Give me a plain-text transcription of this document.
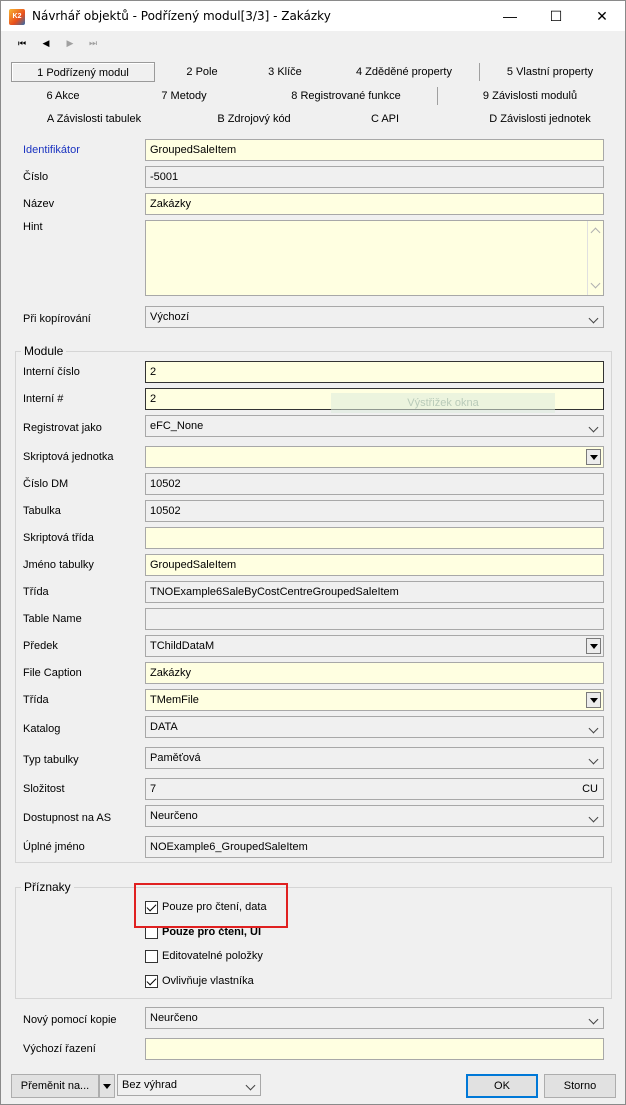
K2 Návrhář objektů - Podřízený modul[3/3] - Zakázky	—	☐	✕
⏮	◀	▶	⏭
1 Podřízený modul	2 Pole	3 Klíče	4 Zděděné property	5 Vlastní property
6 Akce	7 Metody	8 Registrované funkce	9 Závislosti modulů
A Závislosti tabulek	B Zdrojový kód	C API	D Závislosti jednotek
Identifikátor	GroupedSaleItem
Číslo	-5001
Název	Zakázky
Hint
Při kopírování	Výchozí
Module
Interní číslo	2
Interní #	2	Výstřižek okna
Registrovat jako	eFC_None
Skriptová jednotka
Číslo DM	10502
Tabulka	10502
Skriptová třída
Jméno tabulky	GroupedSaleItem
Třída	TNOExample6SaleByCostCentreGroupedSaleItem
Table Name
Předek	TChildDataM
File Caption	Zakázky
Třída	TMemFile
Katalog	DATA
Typ tabulky	Paměťová
Složitost	7	CU
Dostupnost na AS	Neurčeno
Úplné jméno	NOExample6_GroupedSaleItem
Příznaky
Pouze pro čtení, data
Pouze pro čtení, UI
Editovatelné položky
Ovlivňuje vlastníka
Nový pomocí kopie	Neurčeno
Výchozí řazení
Přeměnit na...	Bez výhrad	OK	Storno
